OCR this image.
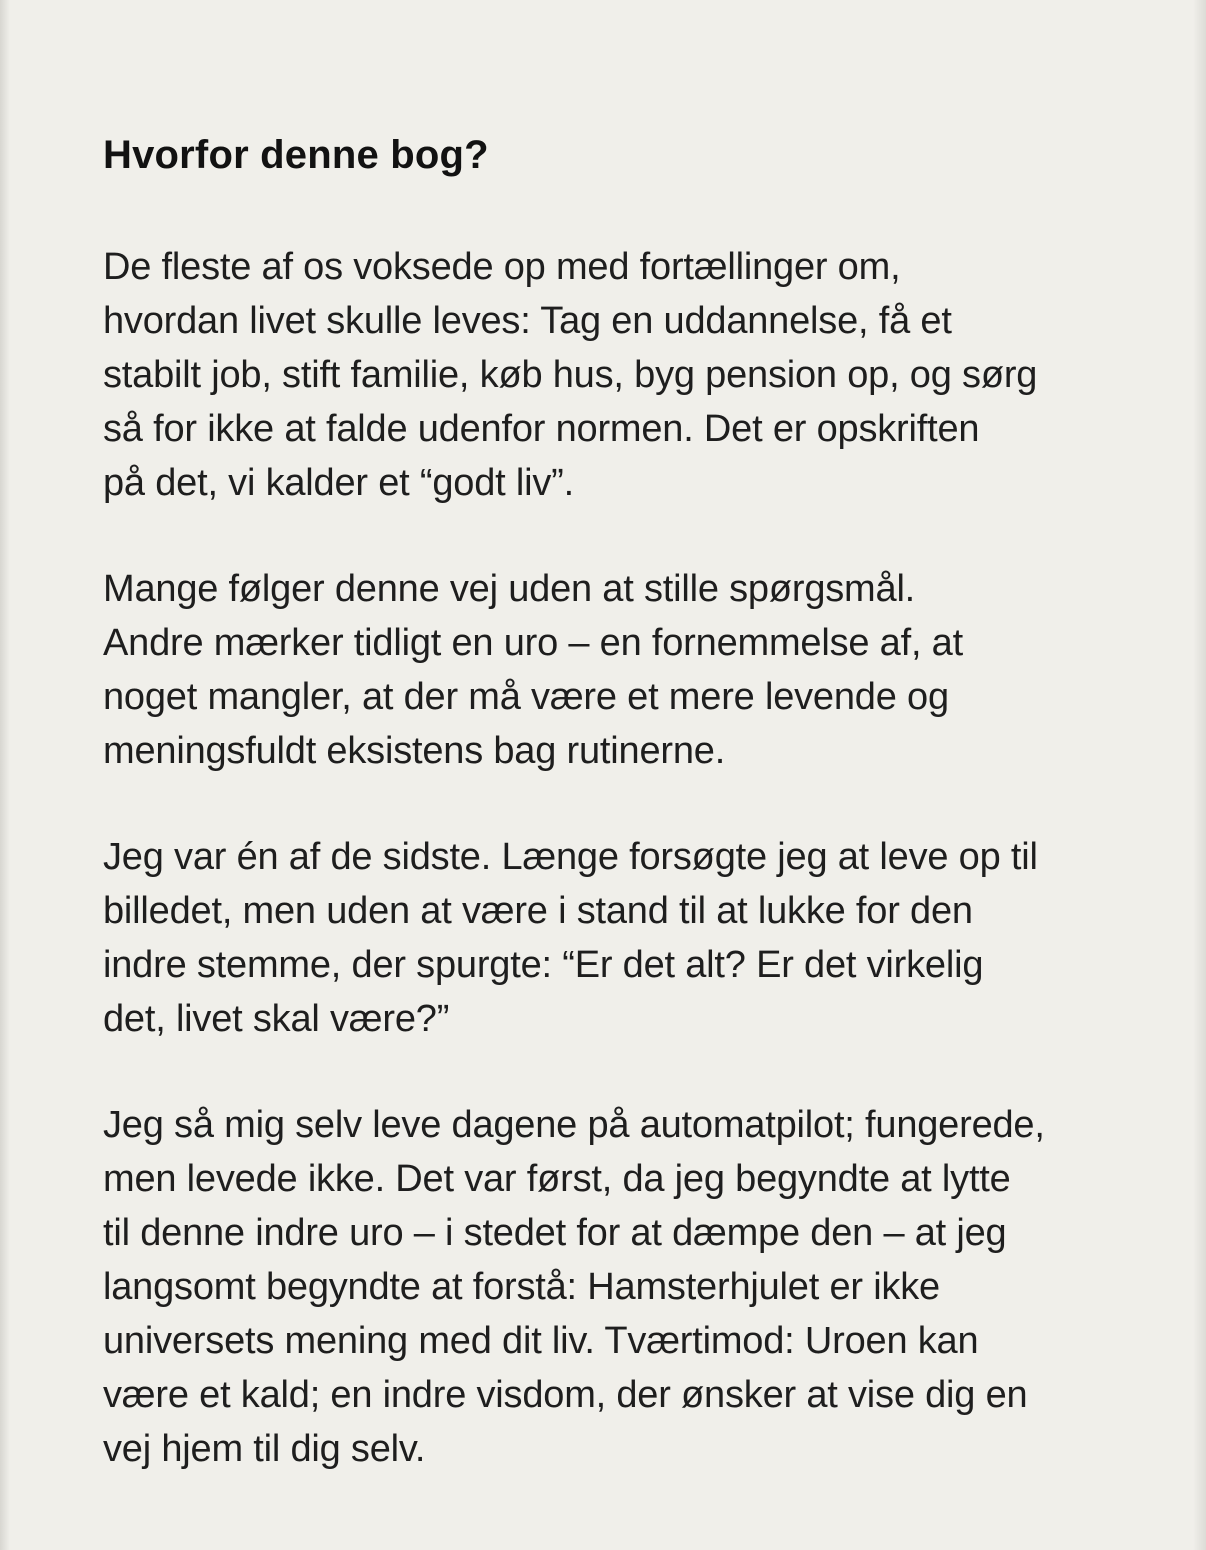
Hvorfor denne bog?

De fleste af os voksede op med fortællinger om,
hvordan livet skulle leves: Tag en uddannelse, få et
stabilt job, stift familie, køb hus, byg pension op, og sørg
så for ikke at falde udenfor normen. Det er opskriften
på det, vi kalder et “godt liv”.

Mange følger denne vej uden at stille spørgsmål.
Andre mærker tidligt en uro – en fornemmelse af, at
noget mangler, at der må være et mere levende og
meningsfuldt eksistens bag rutinerne.

Jeg var én af de sidste. Længe forsøgte jeg at leve op til
billedet, men uden at være i stand til at lukke for den
indre stemme, der spurgte: “Er det alt? Er det virkelig
det, livet skal være?”

Jeg så mig selv leve dagene på automatpilot; fungerede,
men levede ikke. Det var først, da jeg begyndte at lytte
til denne indre uro – i stedet for at dæmpe den – at jeg
langsomt begyndte at forstå: Hamsterhjulet er ikke
universets mening med dit liv. Tværtimod: Uroen kan
være et kald; en indre visdom, der ønsker at vise dig en
vej hjem til dig selv.
